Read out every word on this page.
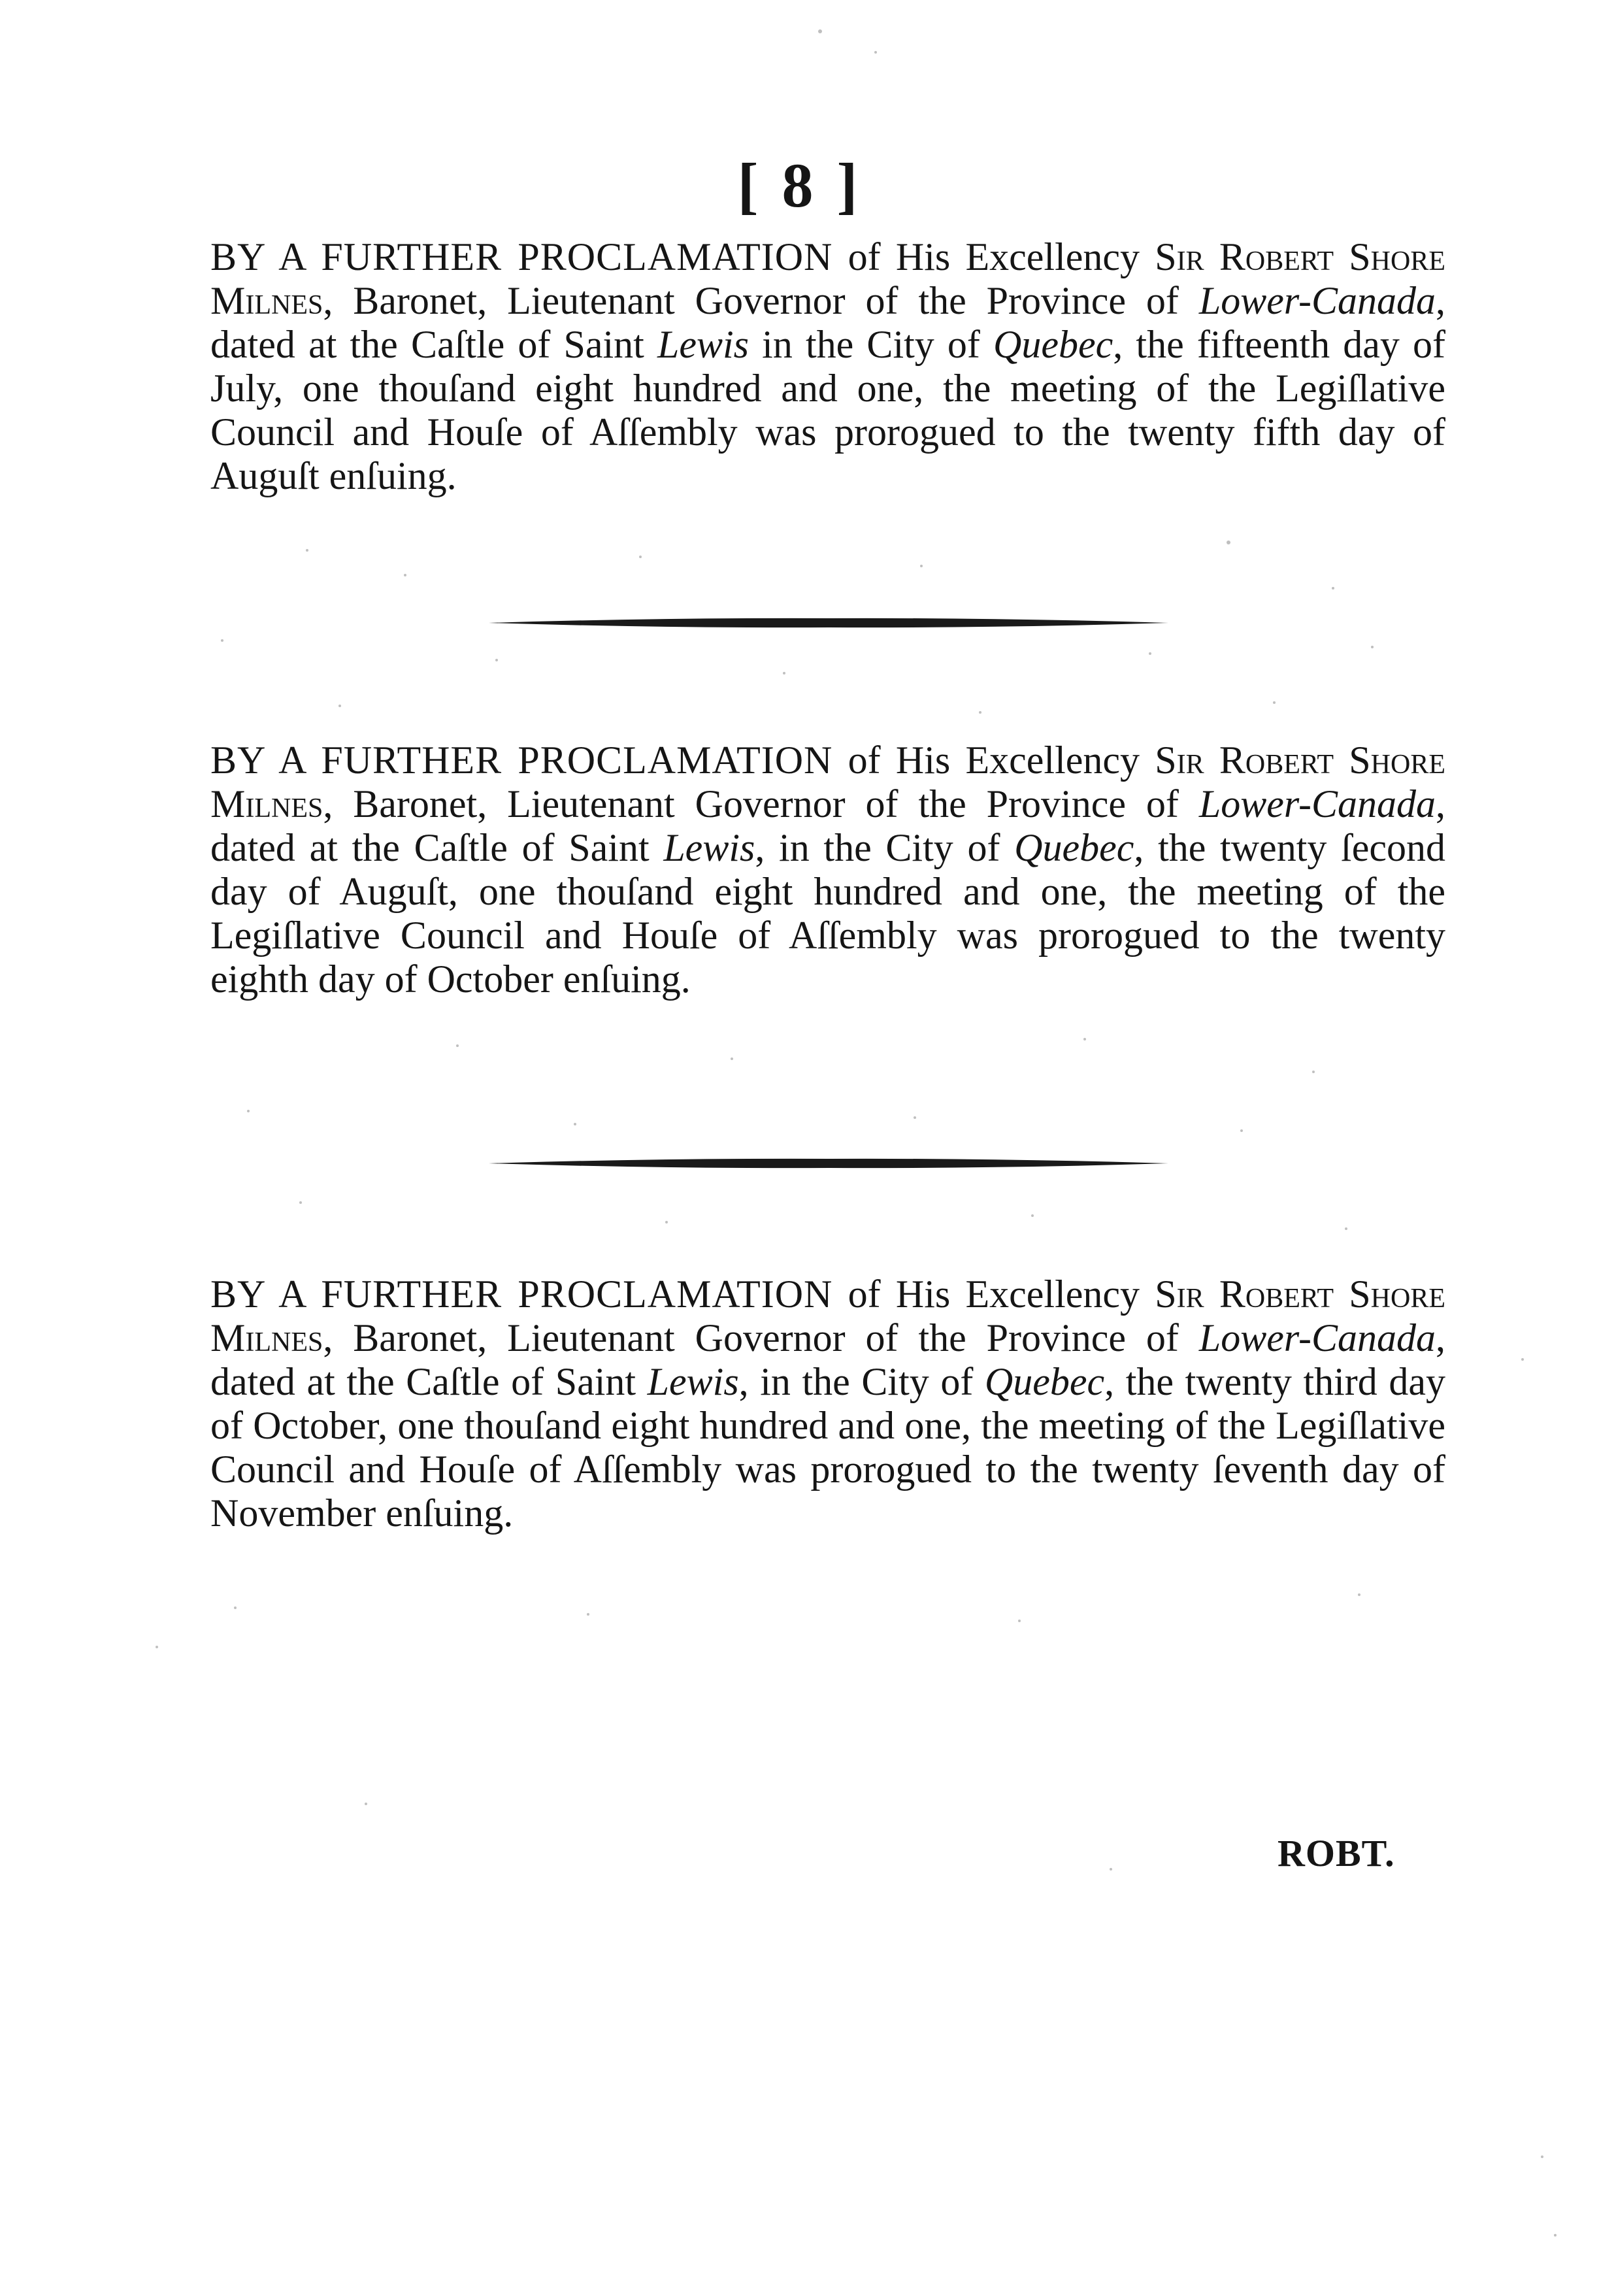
[ 8 ]

BY A FURTHER PROCLAMATION of His Excellency Sir Robert Shore Milnes, Baronet, Lieutenant Governor of the Province of Lower-Canada, dated at the Caſtle of Saint Lewis in the City of Quebec, the fifteenth day of July, one thouſand eight hundred and one, the meeting of the Legiſlative Council and Houſe of Aſſembly was prorogued to the twenty fifth day of Auguſt enſuing.

BY A FURTHER PROCLAMATION of His Excellency Sir Robert Shore Milnes, Baronet, Lieutenant Governor of the Province of Lower-Canada, dated at the Caſtle of Saint Lewis, in the City of Quebec, the twenty ſecond day of Auguſt, one thouſand eight hundred and one, the meeting of the Legiſlative Council and Houſe of Aſſembly was prorogued to the twenty eighth day of October enſuing.

BY A FURTHER PROCLAMATION of His Excellency Sir Robert Shore Milnes, Baronet, Lieutenant Governor of the Province of Lower-Canada, dated at the Caſtle of Saint Lewis, in the City of Quebec, the twenty third day of October, one thouſand eight hundred and one, the meeting of the Legiſlative Council and Houſe of Aſſembly was prorogued to the twenty ſeventh day of November enſuing.

ROBT.
